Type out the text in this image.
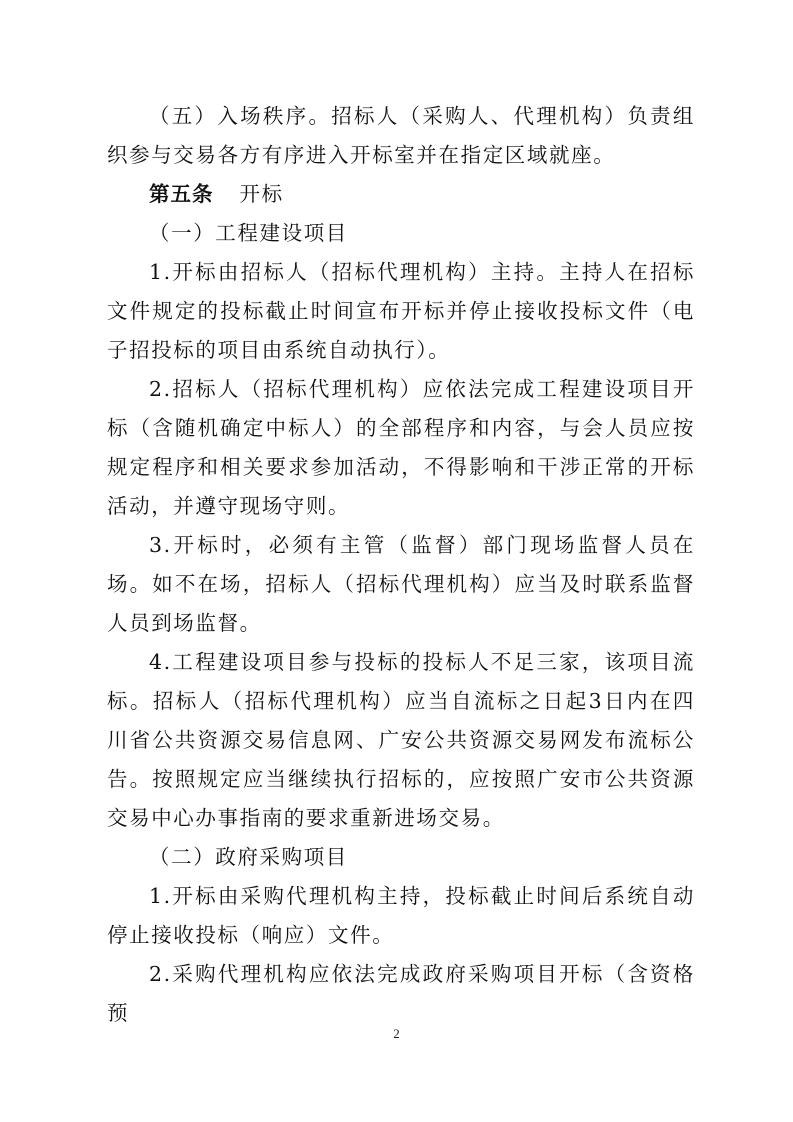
（五）入场秩序。招标人（采购人、代理机构）负责组织参与交易各方有序进入开标室并在指定区域就座。

第五条 开标

（一）工程建设项目

1.开标由招标人（招标代理机构）主持。主持人在招标文件规定的投标截止时间宣布开标并停止接收投标文件（电子招投标的项目由系统自动执行）。

2.招标人（招标代理机构）应依法完成工程建设项目开标（含随机确定中标人）的全部程序和内容，与会人员应按规定程序和相关要求参加活动，不得影响和干涉正常的开标活动，并遵守现场守则。

3.开标时，必须有主管（监督）部门现场监督人员在场。如不在场，招标人（招标代理机构）应当及时联系监督人员到场监督。

4.工程建设项目参与投标的投标人不足三家，该项目流标。招标人（招标代理机构）应当自流标之日起3日内在四川省公共资源交易信息网、广安公共资源交易网发布流标公告。按照规定应当继续执行招标的，应按照广安市公共资源交易中心办事指南的要求重新进场交易。

（二）政府采购项目

1.开标由采购代理机构主持，投标截止时间后系统自动停止接收投标（响应）文件。

2.采购代理机构应依法完成政府采购项目开标（含资格预

2
